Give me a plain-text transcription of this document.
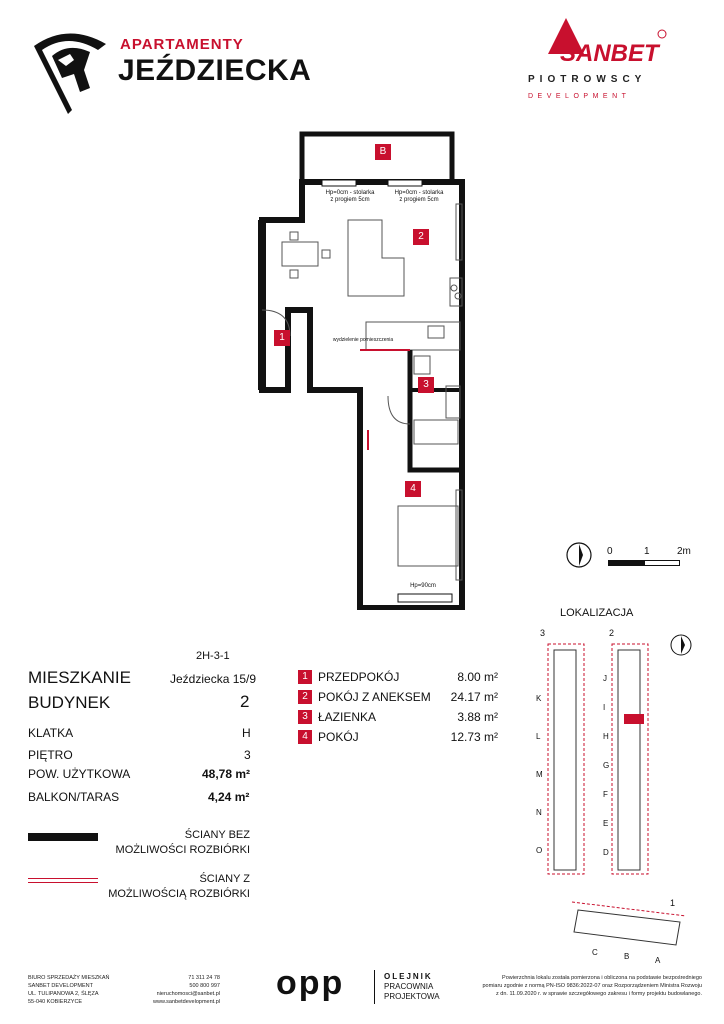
APARTAMENTY
JEŹDZIECKA
SANBET
PIOTROWSCY
DEVELOPMENT
B
2
1
3
4
Hp=0cm - stolarka
z progiem 5cm
Hp=0cm - stolarka
z progiem 5cm
wydzielenie pomieszczenia
Hp=90cm
0	1	2m
LOKALIZACJA
3	2
1
K
L
M
N
O
J
I
H
G
F
E
D
C	B	A
2H-3-1
MIESZKANIE	Jeździecka 15/9
BUDYNEK	2
KLATKA	H
PIĘTRO	3
POW. UŻYTKOWA	48,78 m²
BALKON/TARAS	4,24 m²
1 PRZEDPOKÓJ	8.00 m²
2 POKÓJ Z ANEKSEM	24.17 m²
3 ŁAZIENKA	3.88 m²
4 POKÓJ	12.73 m²
ŚCIANY BEZ
MOŻLIWOŚCI ROZBIÓRKI
ŚCIANY Z
MOŻLIWOŚCIĄ ROZBIÓRKI
BIURO SPRZEDAŻY MIESZKAŃ
SANBET DEVELOPMENT
UL. TULIPANOWA 2, ŚLĘZA
55-040 KOBIERZYCE
71 311 24 78
500 800 997
nieruchomosci@sanbet.pl
www.sanbetdevelopment.pl opp	OLEJNIK
PRACOWNIA
PROJEKTOWA
Powierzchnia lokalu została pomierzona i obliczona na podstawie bezpośredniego
pomiaru zgodnie z normą PN-ISO 9836:2022-07 oraz Rozporządzeniem Ministra Rozwoju
z dn. 11.09.2020 r. w sprawie szczegółowego zakresu i formy projektu budowlanego.
